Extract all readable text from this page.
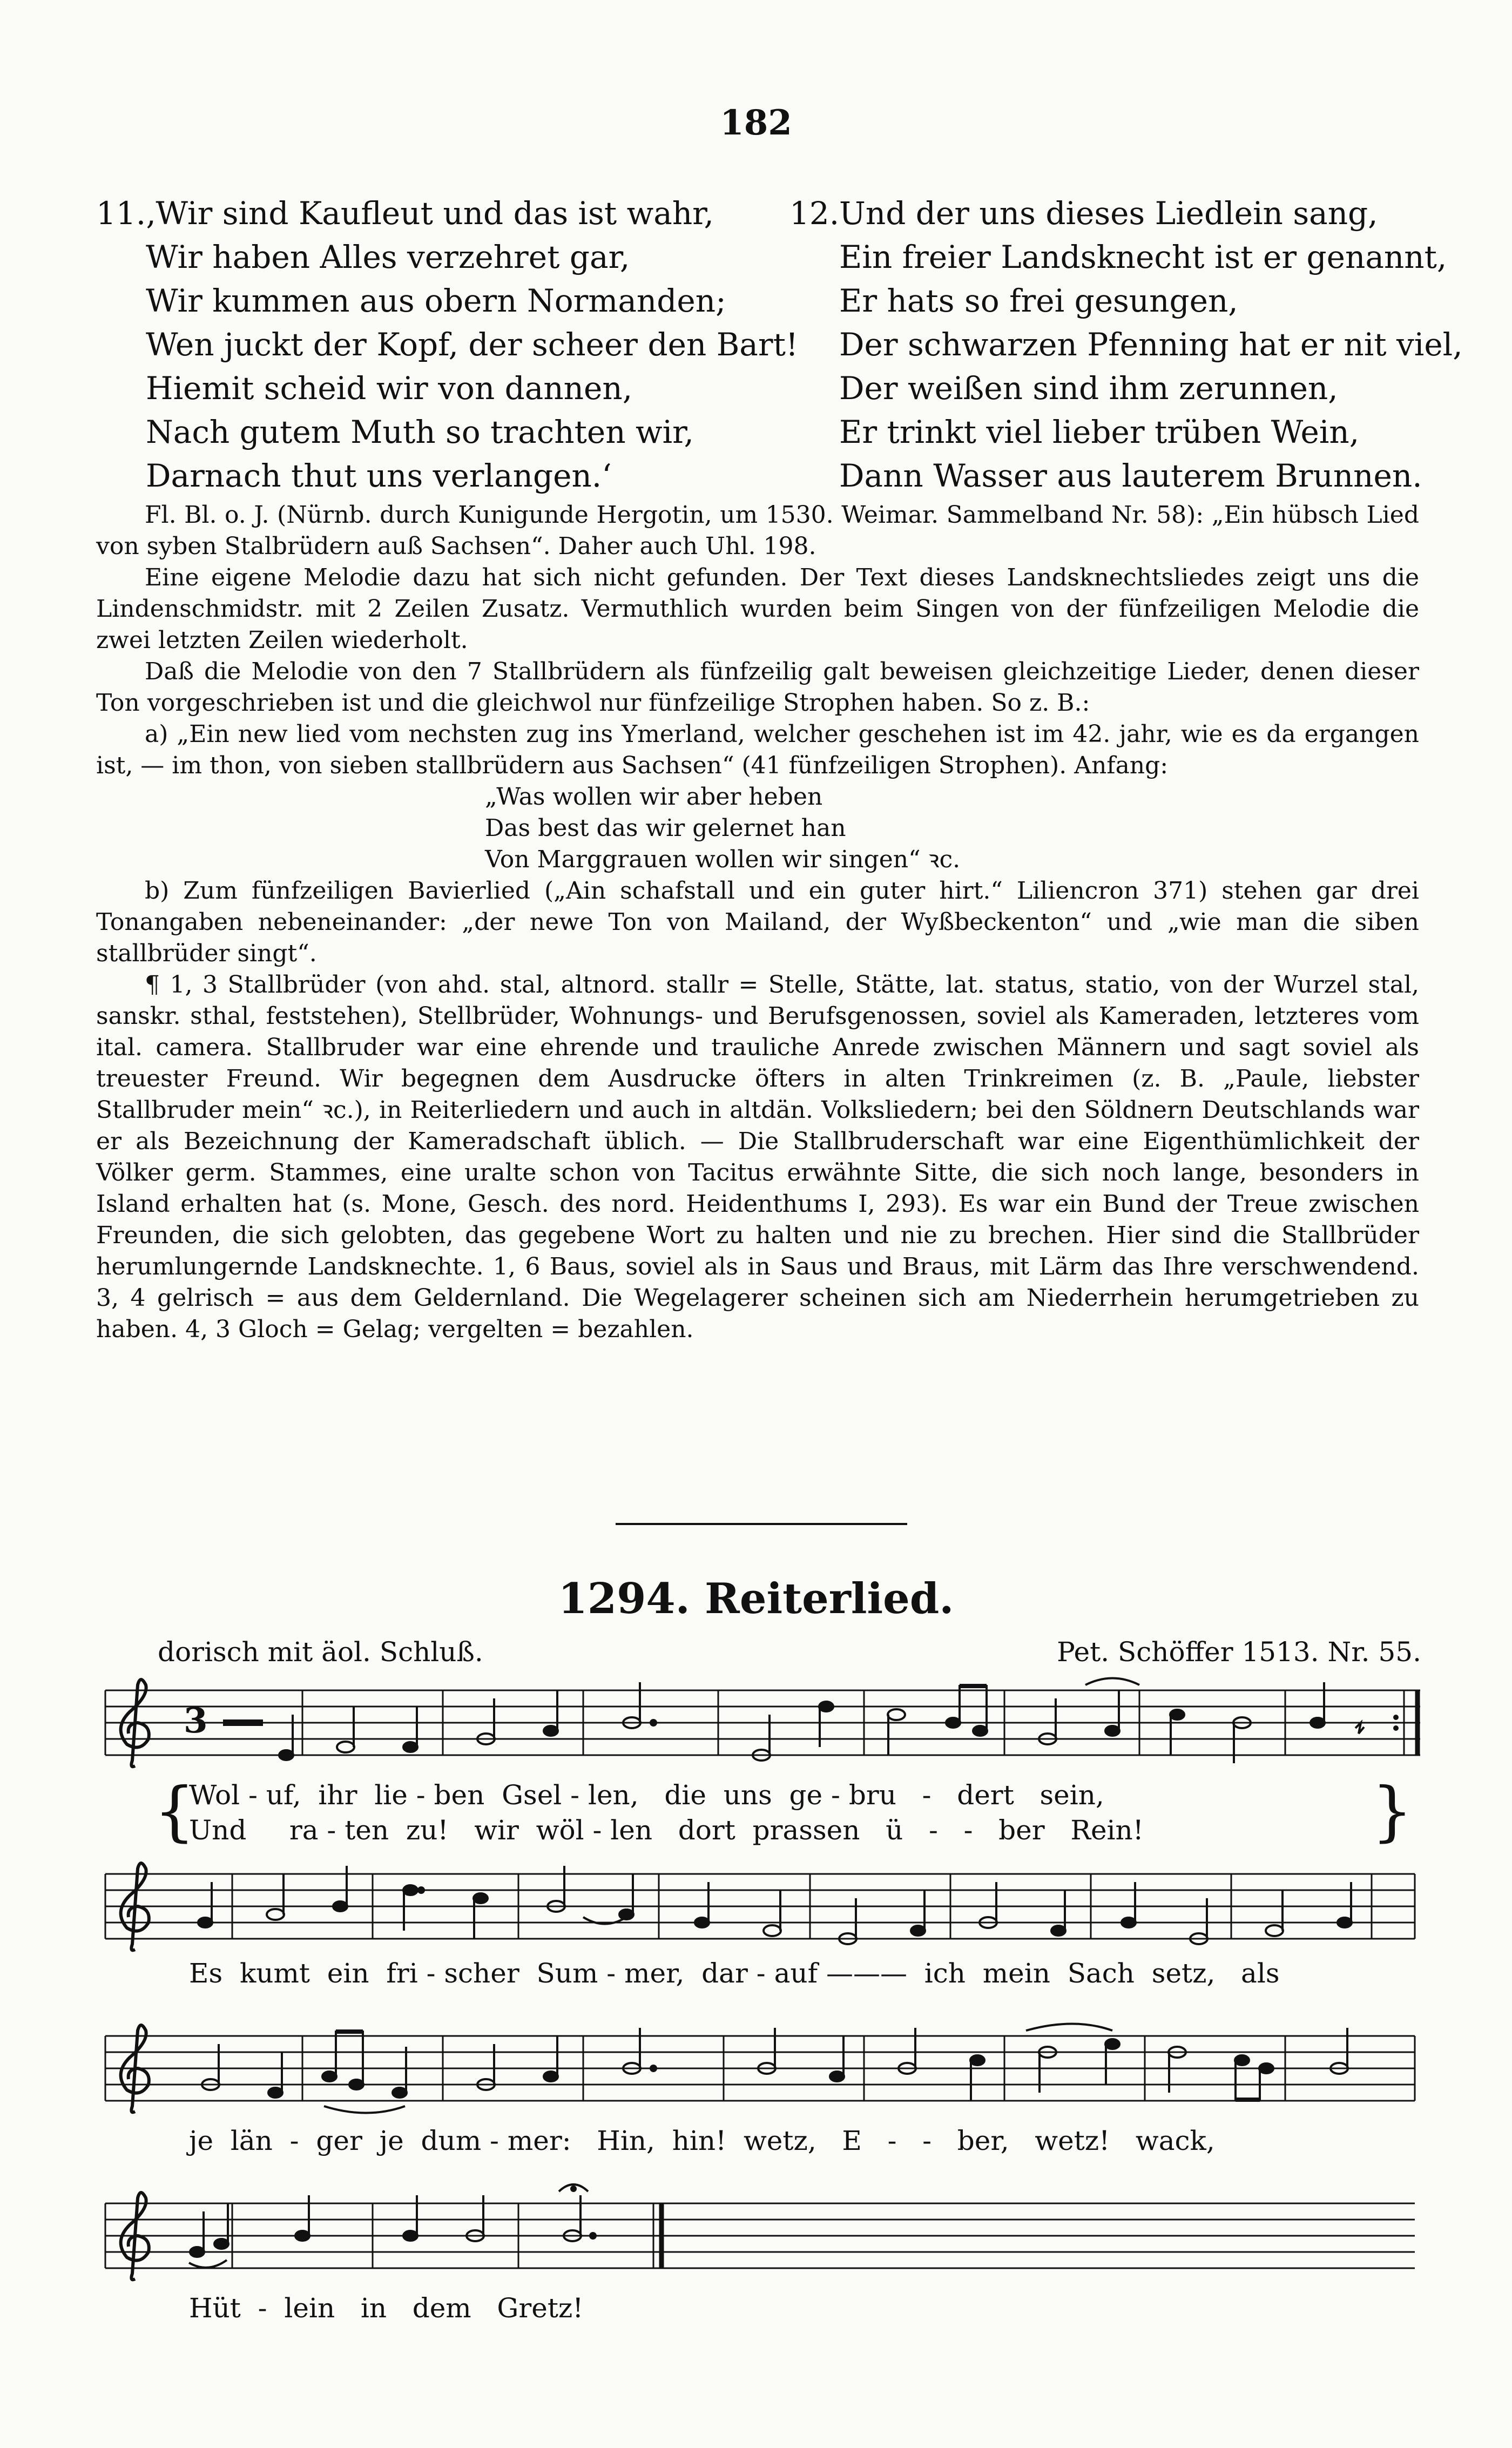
182
11. ‚Wir sind Kaufleut und das ist wahr,
Wir haben Alles verzehret gar,
Wir kummen aus obern Normanden;
Wen juckt der Kopf, der scheer den Bart!
Hiemit scheid wir von dannen,
Nach gutem Muth so trachten wir,
Darnach thut uns verlangen.‘
12. Und der uns dieses Liedlein sang,
Ein freier Landsknecht ist er genannt,
Er hats so frei gesungen,
Der schwarzen Pfenning hat er nit viel,
Der weißen sind ihm zerunnen,
Er trinkt viel lieber trüben Wein,
Dann Wasser aus lauterem Brunnen.

Fl. Bl. o. J. (Nürnb. durch Kunigunde Hergotin, um 1530. Weimar. Sammelband Nr. 58): „Ein hübsch Lied von syben Stalbrüdern auß Sachsen“. Daher auch Uhl. 198.

Eine eigene Melodie dazu hat sich nicht gefunden. Der Text dieses Landsknechtsliedes zeigt uns die Lindenschmidstr. mit 2 Zeilen Zusatz. Vermuthlich wurden beim Singen von der fünfzeiligen Melodie die zwei letzten Zeilen wiederholt.

Daß die Melodie von den 7 Stallbrüdern als fünfzeilig galt beweisen gleichzeitige Lieder, denen dieser Ton vorgeschrieben ist und die gleichwol nur fünfzeilige Strophen haben. So z. B.:

a) „Ein new lied vom nechsten zug ins Ymerland, welcher geschehen ist im 42. jahr, wie es da ergangen ist, — im thon, von sieben stallbrüdern aus Sachsen“ (41 fünfzeiligen Strophen). Anfang:

„Was wollen wir aber heben

Das best das wir gelernet han

Von Marggrauen wollen wir singen“ ꝛc.

b) Zum fünfzeiligen Bavierlied („Ain schafstall und ein guter hirt.“ Liliencron 371) stehen gar drei Tonangaben nebeneinander: „der newe Ton von Mailand, der Wyßbeckenton“ und „wie man die siben stallbrüder singt“.

¶ 1, 3 Stallbrüder (von ahd. stal, altnord. stallr = Stelle, Stätte, lat. status, statio, von der Wurzel stal, sanskr. sthal, feststehen), Stellbrüder, Wohnungs- und Berufsgenossen, soviel als Kameraden, letzteres vom ital. camera. Stallbruder war eine ehrende und trauliche Anrede zwischen Männern und sagt soviel als treuester Freund. Wir begegnen dem Ausdrucke öfters in alten Trinkreimen (z. B. „Paule, liebster Stallbruder mein“ ꝛc.), in Reiterliedern und auch in altdän. Volksliedern; bei den Söldnern Deutschlands war er als Bezeichnung der Kameradschaft üblich. — Die Stallbruderschaft war eine Eigenthümlichkeit der Völker germ. Stammes, eine uralte schon von Tacitus erwähnte Sitte, die sich noch lange, besonders in Island erhalten hat (s. Mone, Gesch. des nord. Heidenthums I, 293). Es war ein Bund der Treue zwischen Freunden, die sich gelobten, das gegebene Wort zu halten und nie zu brechen. Hier sind die Stallbrüder herumlungernde Landsknechte. 1, 6 Baus, soviel als in Saus und Braus, mit Lärm das Ihre verschwendend. 3, 4 gelrisch = aus dem Geldernland. Die Wegelagerer scheinen sich am Niederrhein herumgetrieben zu haben. 4, 3 Gloch = Gelag; vergelten = bezahlen.

1294. Reiterlied.
dorisch mit äol. Schluß.	Pet. Schöffer 1513. Nr. 55.
3
Wol - uf,  ihr  lie - ben  Gsel - len,   die  uns  ge - bru   -   dert   sein,
Und     ra - ten  zu!   wir  wöl - len   dort  prassen   ü   -   -   ber   Rein!
{	}
Es  kumt  ein  fri - scher  Sum - mer,  dar - auf ———  ich  mein  Sach  setz,   als
je  län  -  ger  je  dum - mer:   Hin,  hin!  wetz,   E   -   -   ber,   wetz!   wack,
Hüt  -  lein   in   dem   Gretz!
